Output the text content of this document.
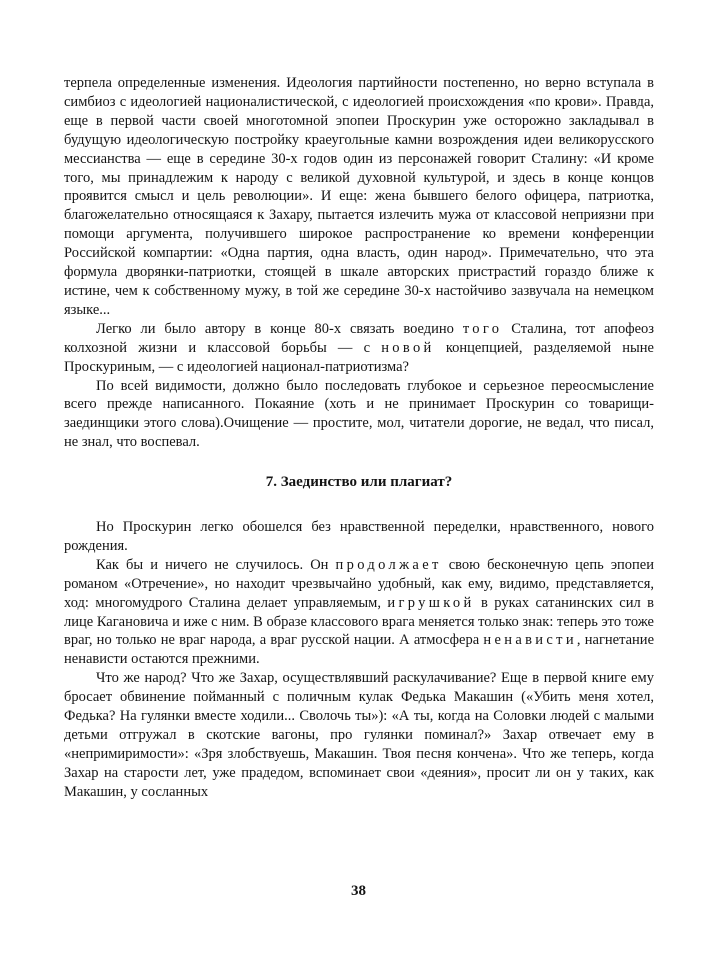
терпела определенные изменения. Идеология партийности постепенно, но верно вступала в симбиоз с идеологией националистической, с идеологией происхождения «по крови». Правда, еще в первой части своей многотомной эпопеи Проскурин уже осторожно закладывал в будущую идеологическую постройку краеугольные камни возрождения идеи великорусского мессианства — еще в середине 30-х годов один из персонажей говорит Сталину: «И кроме того, мы принадлежим к народу с великой духовной культурой, и здесь в конце концов проявится смысл и цель революции». И еще: жена бывшего белого офицера, патриотка, благожелательно относящаяся к Захару, пытается излечить мужа от классовой неприязни при помощи аргумента, получившего широкое распространение ко времени конференции Российской компартии: «Одна партия, одна власть, один народ». Примечательно, что эта формула дворянки-патриотки, стоящей в шкале авторских пристрастий гораздо ближе к истине, чем к собственному мужу, в той же середине 30-х настойчиво зазвучала на немецком языке...

Легко ли было автору в конце 80-х связать воедино того Сталина, тот апофеоз колхозной жизни и классовой борьбы — с новой концепцией, разделяемой ныне Проскуриным, — с идеологией национал-патриотизма?

По всей видимости, должно было последовать глубокое и серьезное переосмысление всего прежде написанного. Покаяние (хоть и не принимает Проскурин со товарищи-заединщики этого слова).Очищение — простите, мол, читатели дорогие, не ведал, что писал, не знал, что воспевал.

7. Заединство или плагиат?

Но Проскурин легко обошелся без нравственной переделки, нравственного, нового рождения.

Как бы и ничего не случилось. Он продолжает свою бесконечную цепь эпопеи романом «Отречение», но находит чрезвычайно удобный, как ему, видимо, представляется, ход: многомудрого Сталина делает управляемым, игрушкой в руках сатанинских сил в лице Кагановича и иже с ним. В образе классового врага меняется только знак: теперь это тоже враг, но только не враг народа, а враг русской нации. А атмосфера ненависти, нагнетание ненависти остаются прежними.

Что же народ? Что же Захар, осуществлявший раскулачивание? Еще в первой книге ему бросает обвинение пойманный с поличным кулак Федька Макашин («Убить меня хотел, Федька? На гулянки вместе ходили... Сволочь ты»): «А ты, когда на Соловки людей с малыми детьми отгружал в скотские вагоны, про гулянки поминал?» Захар отвечает ему в «непримиримости»: «Зря злобствуешь, Макашин. Твоя песня кончена». Что же теперь, когда Захар на старости лет, уже прадедом, вспоминает свои «деяния», просит ли он у таких, как Макашин, у сосланных

38
